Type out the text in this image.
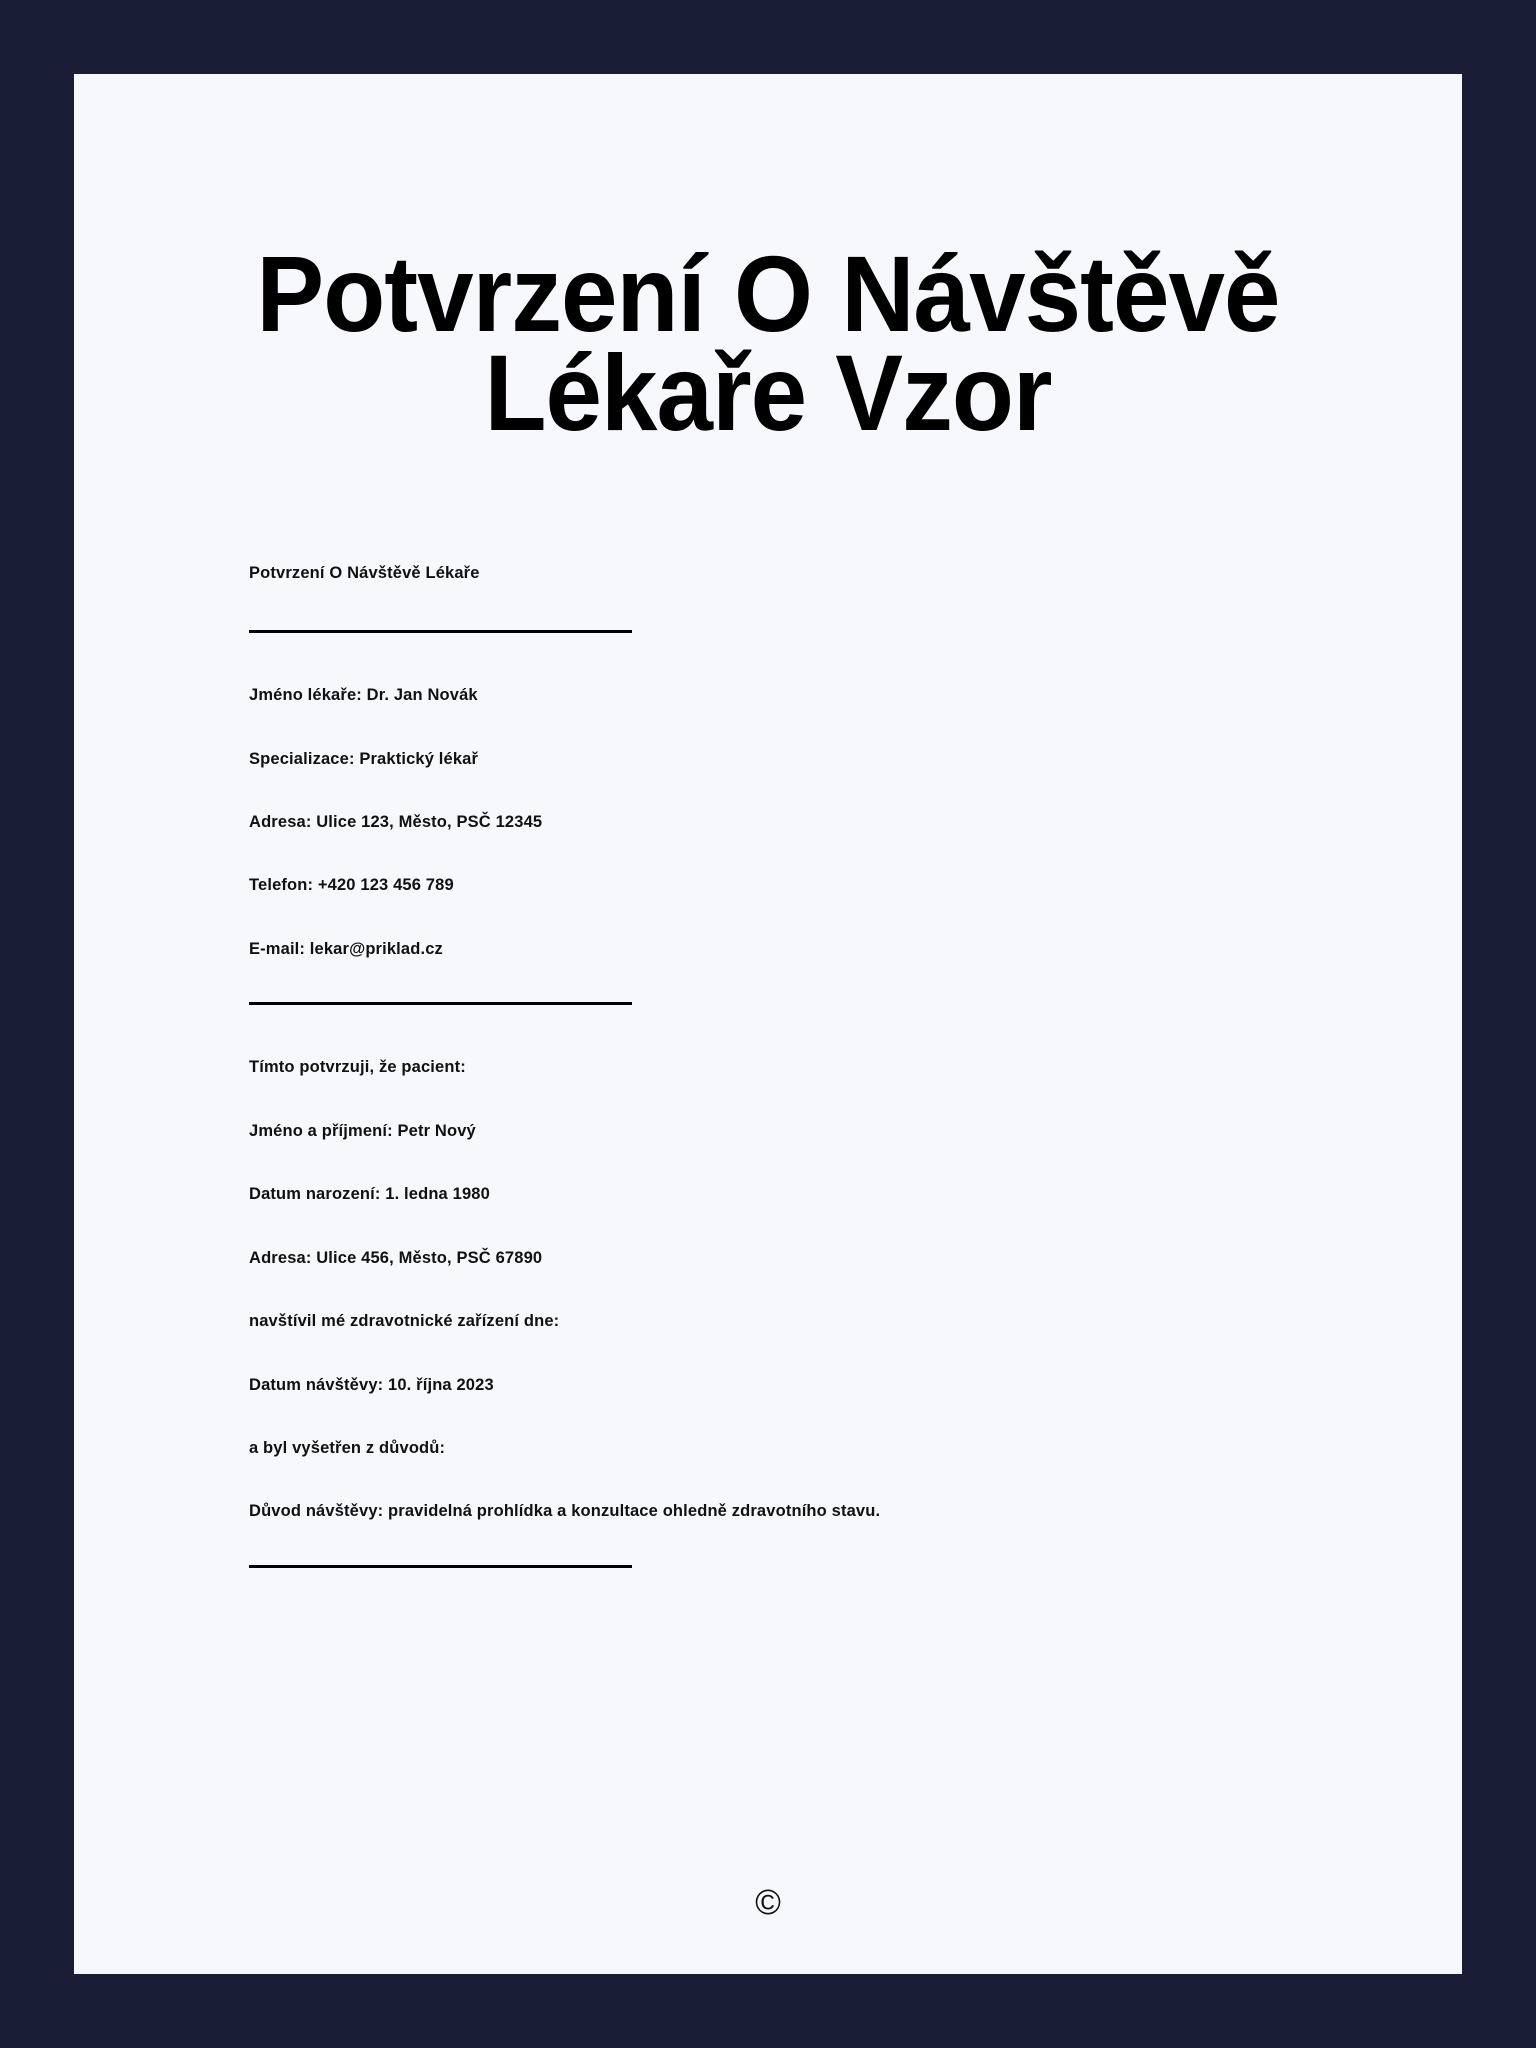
Potvrzení O Návštěvě Lékaře Vzor

Potvrzení O Návštěvě Lékaře

Jméno lékaře: Dr. Jan Novák

Specializace: Praktický lékař

Adresa: Ulice 123, Město, PSČ 12345

Telefon: +420 123 456 789

E-mail: lekar@priklad.cz

Tímto potvrzuji, že pacient:

Jméno a příjmení: Petr Nový

Datum narození: 1. ledna 1980

Adresa: Ulice 456, Město, PSČ 67890

navštívil mé zdravotnické zařízení dne:

Datum návštěvy: 10. října 2023

a byl vyšetřen z důvodů:

Důvod návštěvy: pravidelná prohlídka a konzultace ohledně zdravotního stavu.

©
